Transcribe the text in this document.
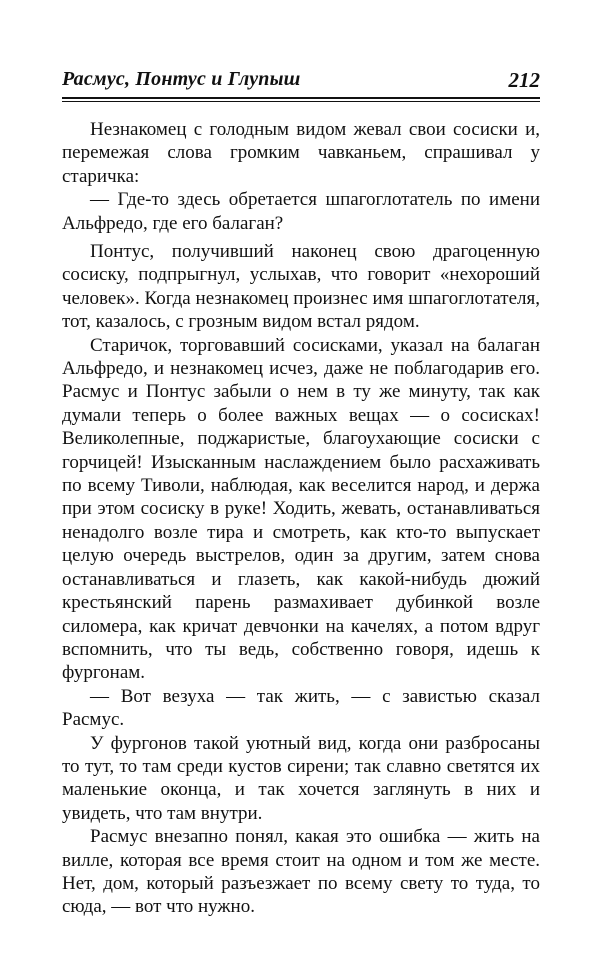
Расмус, Понтус и Глупыш	212

Незнакомец с голодным видом жевал свои сосиски и, перемежая слова громким чавканьем, спрашивал у старичка:

— Где-то здесь обретается шпагоглотатель по имени Альфредо, где его балаган?

Понтус, получивший наконец свою драгоценную сосиску, подпрыгнул, услыхав, что говорит «нехороший человек». Когда незнакомец произнес имя шпагоглотателя, тот, казалось, с грозным видом встал рядом.

Старичок, торговавший сосисками, указал на балаган Альфредо, и незнакомец исчез, даже не поблагодарив его. Расмус и Понтус забыли о нем в ту же минуту, так как думали теперь о более важных вещах — о сосисках! Великолепные, поджаристые, благоухающие сосиски с горчицей! Изысканным наслаждением было расхаживать по всему Тиволи, наблюдая, как веселится народ, и держа при этом сосиску в руке! Ходить, жевать, останавливаться ненадолго возле тира и смотреть, как кто-то выпускает целую очередь выстрелов, один за другим, затем снова останавливаться и глазеть, как какой-нибудь дюжий крестьянский парень размахивает дубинкой возле силомера, как кричат девчонки на качелях, а потом вдруг вспомнить, что ты ведь, собственно говоря, идешь к фургонам.

— Вот везуха — так жить, — с завистью сказал Расмус.

У фургонов такой уютный вид, когда они разбросаны то тут, то там среди кустов сирени; так славно светятся их маленькие оконца, и так хочется заглянуть в них и увидеть, что там внутри.

Расмус внезапно понял, какая это ошибка — жить на вилле, которая все время стоит на одном и том же месте. Нет, дом, который разъезжает по всему свету то туда, то сюда, — вот что нужно.
